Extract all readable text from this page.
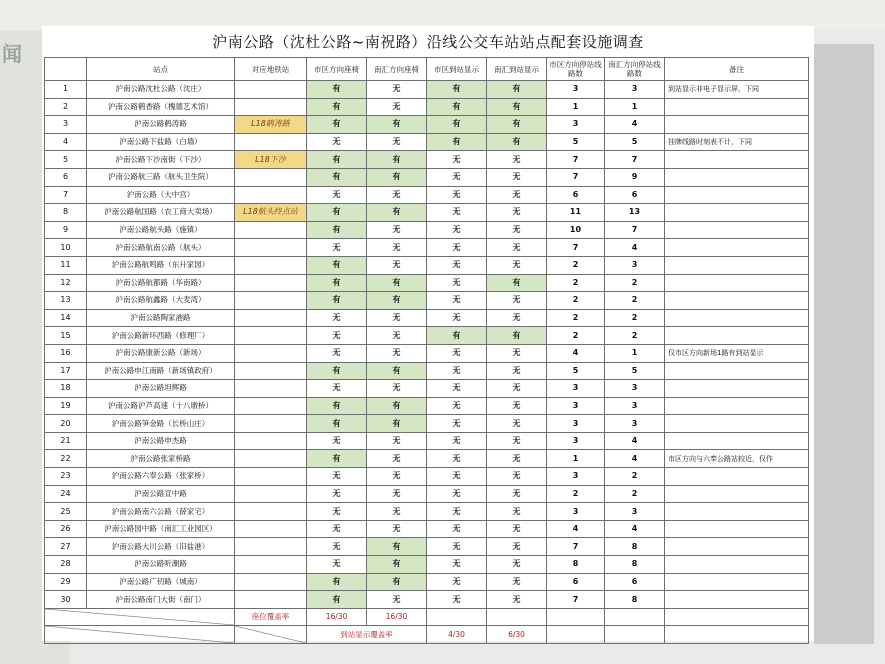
闻	沪南公路（沈杜公路~南祝路）沿线公交车站站点配套设施调查
	站点	对应地铁站	市区方向座椅	南汇方向座椅	市区到站显示	南汇到站显示	市区方向停站线路数	南汇方向停站线路数	备注
1	沪南公路沈杜公路（沈庄）		有	无	有	有	3	3	到站显示非电子显示屏，下同
2	沪南公路鹤香路（槐德艺术馆）		有	无	有	有	1	1	
3	沪南公路鹤涛路	L18鹤涛路	有	有	有	有	3	4	
4	沪南公路下盐路（白墙）		无	无	有	有	5	5	挂牌线路时刻表不计，下同
5	沪南公路下沙南街（下沙）	L18下沙	有	有	无	无	7	7	
6	沪南公路航三路（航头卫生院）		有	有	无	无	7	9	
7	沪南公路（大中宫）		无	无	无	无	6	6	
8	沪南公路航国路（农工商大卖场）	L18航头终点站	有	有	无	无	11	13	
9	沪南公路航头路（施镇）		有	无	无	无	10	7	
10	沪南公路航南公路（航头）		无	无	无	无	7	4	
11	沪南公路航鸣路（东升家园）		有	无	无	无	2	3	
12	沪南公路航都路（华南路）		有	有	无	有	2	2	
13	沪南公路航鑫路（大麦湾）		有	有	无	无	2	2	
14	沪南公路陶家港路		无	无	无	无	2	2	
15	沪南公路新环西路（修理厂）		无	无	有	有	2	2	
16	沪南公路康新公路（新场）		无	无	无	无	4	1	仅市区方向新场1路有到站显示
17	沪南公路申江南路（新场镇政府）		有	有	无	无	5	5	
18	沪南公路坦辉路		无	无	无	无	3	3	
19	沪南公路沪芦高速（十八墩桥）		有	有	无	无	3	3	
20	沪南公路笋金路（长桥山庄）		有	有	无	无	3	3	
21	沪南公路申杰路		无	无	无	无	3	4	
22	沪南公路张家桥路		有	无	无	无	1	4	市区方向与六奉公路站较近，仅作
23	沪南公路六奉公路（张家桥）		无	无	无	无	3	2	
24	沪南公路宣中路		无	无	无	无	2	2	
25	沪南公路南六公路（薛家宅）		无	无	无	无	3	3	
26	沪南公路园中路（南汇工业园区）		无	无	无	无	4	4	
27	沪南公路大川公路（旧盐港）		无	有	无	无	7	8	
28	沪南公路听潮路		无	有	无	无	8	8	
29	沪南公路广仞路（城南）		有	有	无	无	6	6	
30	沪南公路南门大街（南门）		有	无	无	无	7	8	
		座位覆盖率	16/30	16/30					
			到站显示覆盖率		4/30	6/30			
